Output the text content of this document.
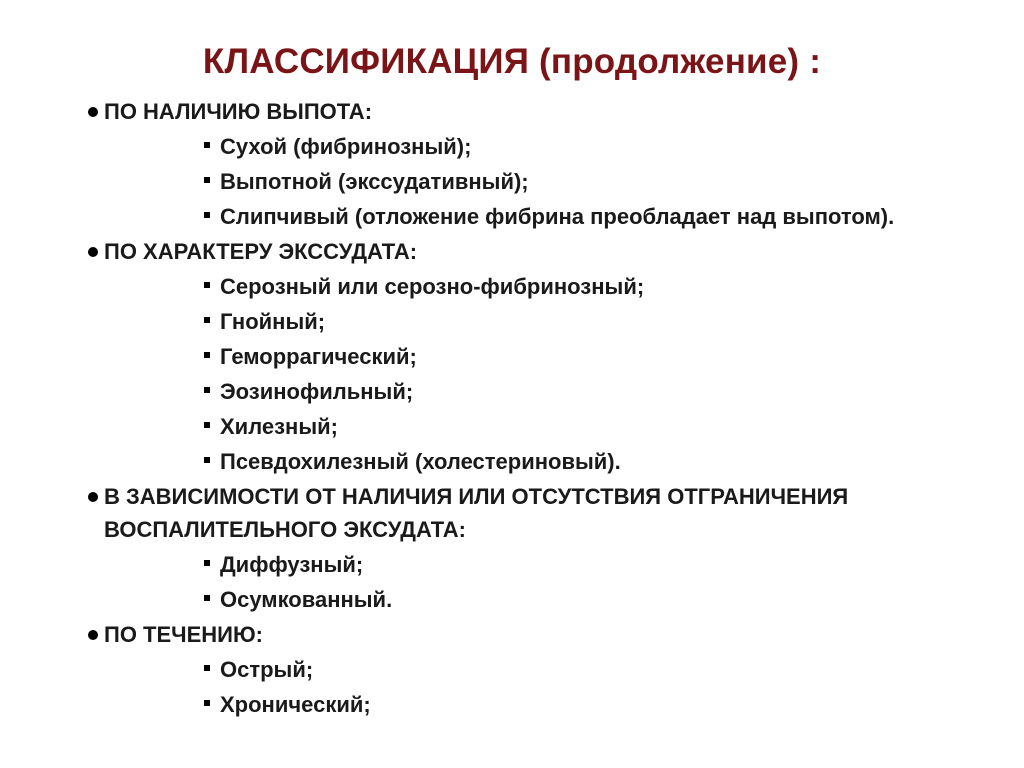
КЛАССИФИКАЦИЯ (продолжение) :
ПО НАЛИЧИЮ ВЫПОТА:
Сухой (фибринозный);
Выпотной (экссудативный);
Слипчивый (отложение фибрина преобладает над выпотом).
ПО ХАРАКТЕРУ ЭКССУДАТА:
Серозный или серозно-фибринозный;
Гнойный;
Геморрагический;
Эозинофильный;
Хилезный;
Псевдохилезный (холестериновый).
В ЗАВИСИМОСТИ ОТ НАЛИЧИЯ ИЛИ ОТСУТСТВИЯ ОТГРАНИЧЕНИЯ ВОСПАЛИТЕЛЬНОГО ЭКСУДАТА:
Диффузный;
Осумкованный.
ПО ТЕЧЕНИЮ:
Острый;
Хронический;
